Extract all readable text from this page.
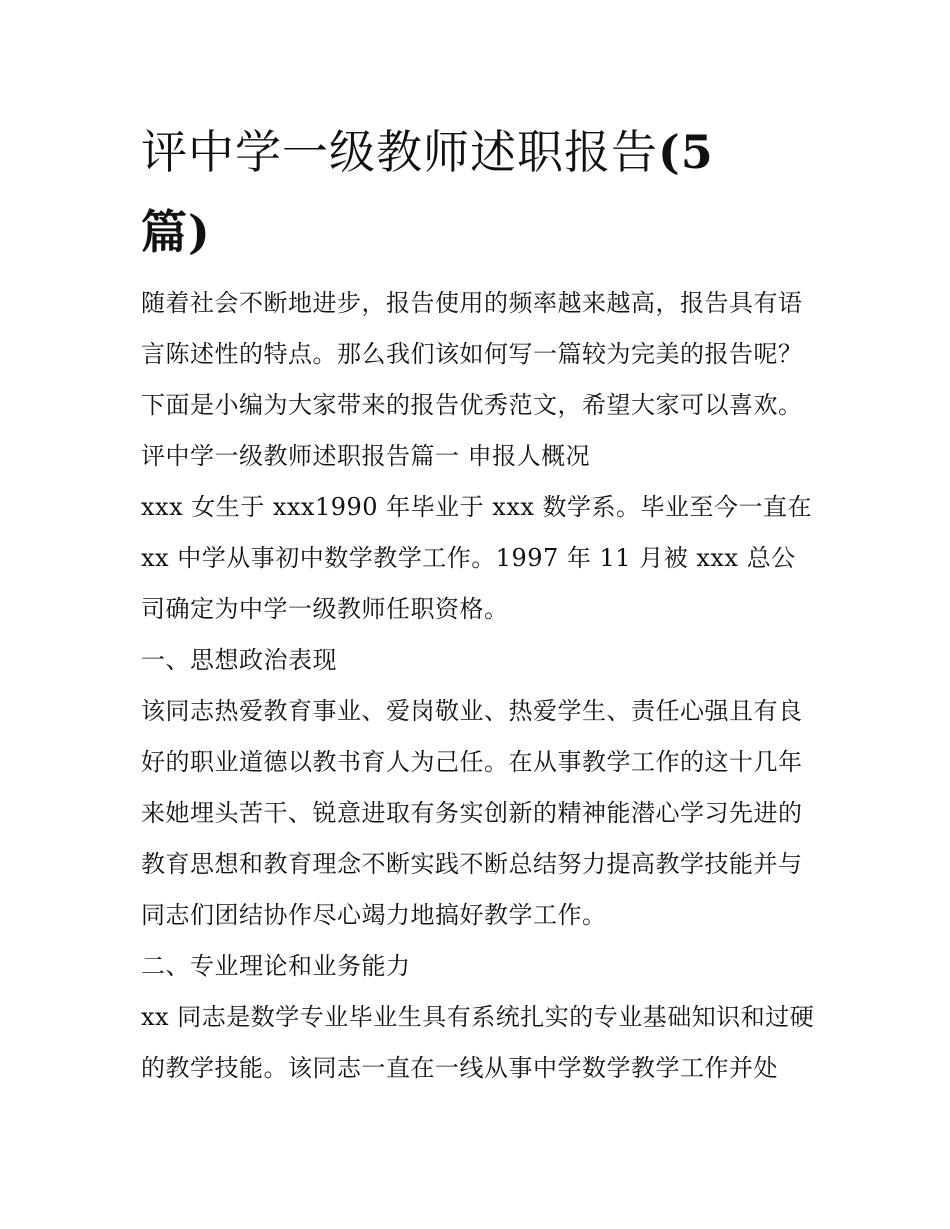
评中学一级教师述职报告(5篇)

随着社会不断地进步，报告使用的频率越来越高，报告具有语言陈述性的特点。那么我们该如何写一篇较为完美的报告呢？下面是小编为大家带来的报告优秀范文，希望大家可以喜欢。

评中学一级教师述职报告篇一 申报人概况

xxx 女生于 xxx1990 年毕业于 xxx 数学系。毕业至今一直在 xx 中学从事初中数学教学工作。1997 年 11 月被 xxx 总公司确定为中学一级教师任职资格。

一、思想政治表现

该同志热爱教育事业、爱岗敬业、热爱学生、责任心强且有良好的职业道德以教书育人为己任。在从事教学工作的这十几年来她埋头苦干、锐意进取有务实创新的精神能潜心学习先进的教育思想和教育理念不断实践不断总结努力提高教学技能并与同志们团结协作尽心竭力地搞好教学工作。

二、专业理论和业务能力

xx 同志是数学专业毕业生具有系统扎实的专业基础知识和过硬的教学技能。该同志一直在一线从事中学数学教学工作并处
